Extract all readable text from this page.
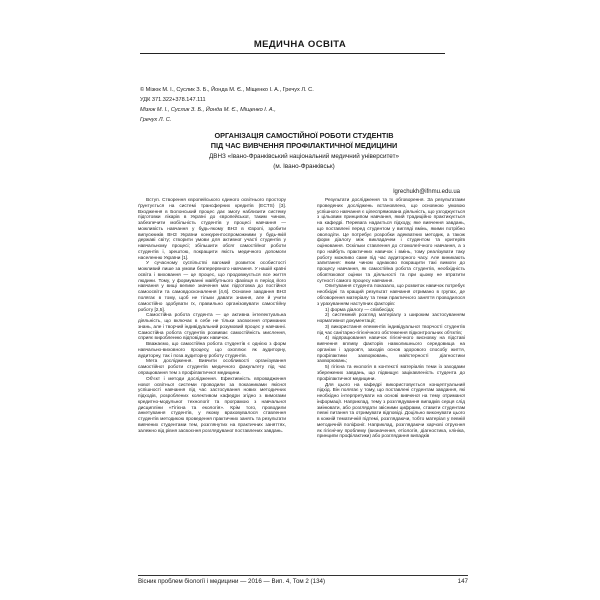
МЕДИЧНА ОСВІТА
© Мізюк М. І., Суслик З. Б., Йонда М. Є., Міщенко І. А., Гречух Л. С.
УДК 371.322+378.147.111
Мізюк М. І., Суслик З. Б., Йонда М. Є., Міщенко І. А.,
Гречух Л. С.
ОРГАНІЗАЦІЯ САМОСТІЙНОЇ РОБОТИ СТУДЕНТІВ
ПІД ЧАС ВИВЧЕННЯ ПРОФІЛАКТИЧНОЇ МЕДИЦИНИ
ДВНЗ «Івано-Франківський національний медичний університет»
(м. Івано-Франківськ)
lgrechukh@ifnmu.edu.ua

Вступ. Створення європейського єдиного освітнього простору ґрунтується на системі трансферних кредитів (ECTS) [3]. Входження в Болонський процес дає змогу наблизити систему підготовки лікарів в Україні до європейської, таким чином, забезпечити мобільність студентів у процесі навчання — можливість навчання у будь-якому ВНЗ в Європі, зробити випускників ВНЗ України конкурентоспроможними у будь-якій державі світу; створити умови для активної участі студентів у навчальному процесі; збільшити обсяг самостійної роботи студентів і, зрештою, покращити якість медичного допомоги населенню України [1].

У сучасному суспільстві вагомий розвиток особистості можливий лише за умови безперервного навчання. У нашій країні освіта і виховання — це процес, що продовжується все життя людини. Тому, у формуванні майбутнього фахівця в період його навчання у вищі велике значення має підготовка до постійної самоосвіти та самовдосконалення [4,6]. Основне завдання ВНЗ полягає в тому, щоб не тільки давати знання, але й учити самостійно здобувати їх, правильно організовувати самостійну роботу [2,5].

Самостійна робота студента — це активна інтелектуальна діяльність, що включає в себе не тільки засвоєння отриманих знань, але і творчий індивідуальний розумовий процес у навчанні. Самостійна робота студентів розвиває самостійність мислення, сприяє виробленню відповідних навичок.

Вважаємо, що самостійна робота студентів є однією з форм навчально-виховного процесу, що охоплює як аудиторну, аудиторну, так і поза аудиторну роботу студентів.

Мета дослідження. Вивчити особливості організування самостійної роботи студентів медичного факультету під час опрацювання тем з профілактичної медицини.

Об'єкт і методи дослідження. Ефективність впровадження нової освітньої системи проводили за показниками якісної успішності навчання під час застосування нових методичних підходів, розроблених колективом кафедри згідно з вимогами кредитно-модульної технології та програмою з навчальної дисципліни «Гігієна та екологія». Крім того, проводили анкетування студентів, у якому враховувалося ставлення студентів методикою проведення практичних занять та результати вивчених студентами тем, розглянутих на практичних заняттях, залежно від рівня засвоєння розглядуваної поставлених завдань.

Результати дослідження та їх обговорення. За результатами проведених досліджень встановлено, що основною умовою успішного навчання є цілеспрямована діяльність, що узгоджується з цільовим принципом навчання, який традиційно практикується на кафедрі. Перевага надається підходу, яке вивчення завдань, що поставлені перед студентом у вигляді вмінь, якими потрібно оволодіти. Це потребує розробки адекватних методик, а також форм діалогу між викладачем і студентом та критеріїв оцінювання. Оскільки ставлення до стомолегічного навчання, а з про найбуть практичних навичок і вмінь, тому реалізувати таку роботу можливо саме під час аудиторного часу. Але виникають запитання: яким чином однаково покращити такі вимоги до процесу навчання, як самостійна робота студентів, необхідність обов'язкової оцінки та діяльності та при цьому не втратити сутності самого процесу навчання.

Опитування студента показало, що розвиток навичок потребує необхідні та кращий результат навчання отримано в групах, де обговорення матеріалу та теми практичного заняття проводилося з урахуванням наступних факторів:

1) форма діалогу — співбесіда;

2) системний розгляд матеріалу з широким застосуванням нормативної документації;

3) використання елементів індивідуальної творчості студентів під час санітарно-гігієнічного обстеження підконтрольних об'єктів;

4) відпрацювання навичок гігієнічного висновку на підставі вивчення впливу факторів навколишнього середовища на організм і здоров'я, заходів основ здорового способу життя, профілактики захворювань, майстерності діагностики захворювань;

5) гігієна та екологія в контексті матеріалів теми із заходами збережених завдань, що підвищує зацікавленість студента до профілактичної медицини.

Для цього на кафедрі використовується концептуальний підхід. Він полягає у тому, що поставлені студентам завдання, які необхідно інтерпретувати на основі вивченої на тему отриманої інформації. Наприклад, тему з розглядування випадків серця слід змінювати, або розглядати звісними цифрами, ставити студентам певні питання та отримувати відповіді. Доцільно виконувати цього в кожній тематичній підтемі, розглядаючи, тобто матеріал у певній методичній поліфонії. Наприклад, розглядаючи харчові отруєння як гігієнічну проблему (визначення, етіологія, діагностика, клініка, принципи профілактики) або розглядання випадків

Вісник проблем біології і медицини — 2016 — Вип. 4, Том 2 (134)	147
